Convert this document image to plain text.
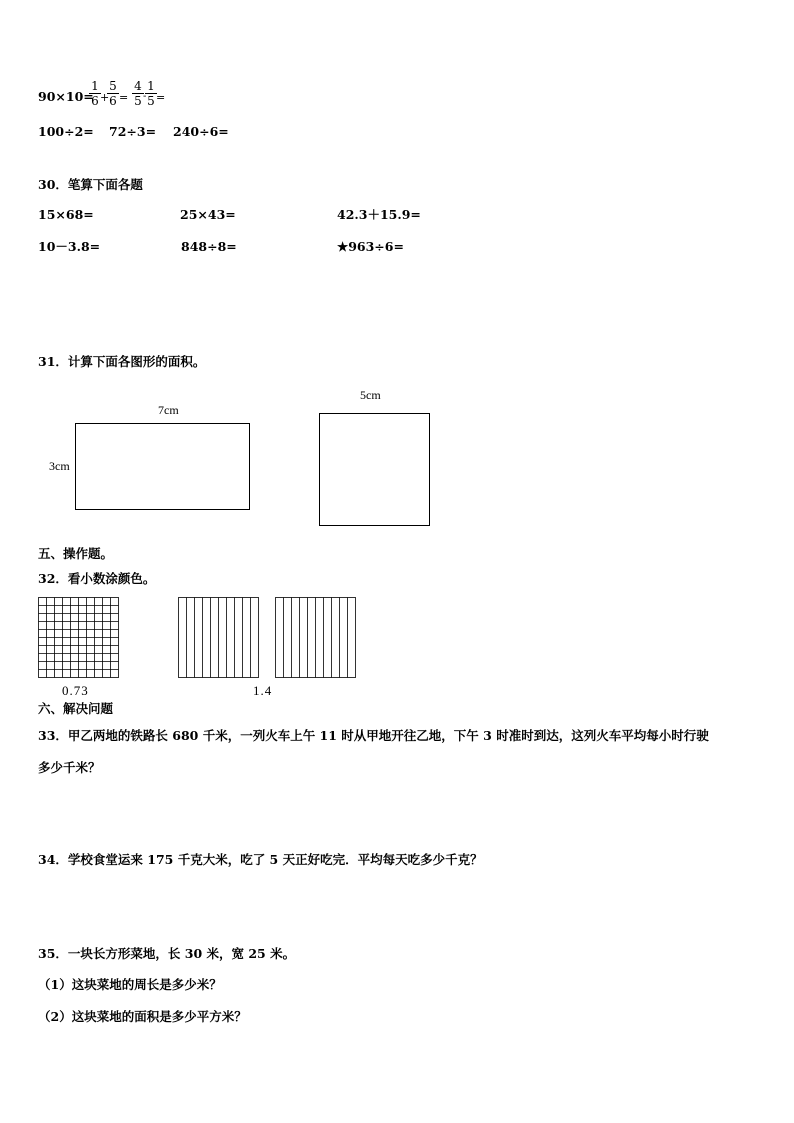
90×10=
1
6 +
5
6 =
4
5 -
1
5 =
100÷2= 72÷3= 240÷6=
30．笔算下面各题
15×68=	25×43=	42.3＋15.9=
10－3.8=	848÷8=	★963÷6=
31．计算下面各图形的面积。
7cm
3cm
5cm
五、操作题。
32．看小数涂颜色。
0.73	1.4
六、解决问题
33．甲乙两地的铁路长 680 千米，一列火车上午 11 时从甲地开往乙地，下午 3 时准时到达，这列火车平均每小时行驶
多少千米？
34．学校食堂运来 175 千克大米，吃了 5 天正好吃完．平均每天吃多少千克？
35．一块长方形菜地，长 30 米，宽 25 米。
（1）这块菜地的周长是多少米？
（2）这块菜地的面积是多少平方米？
